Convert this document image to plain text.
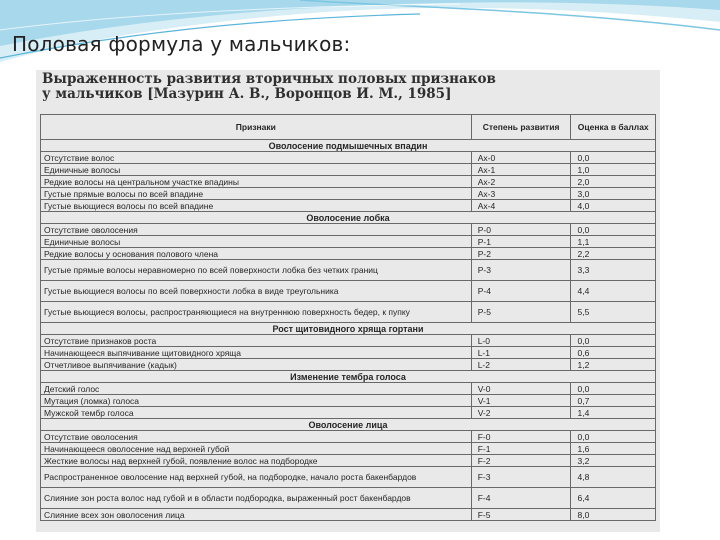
Половая формула у мальчиков:
Выраженность развития вторичных половых признаков
у мальчиков [Мазурин А. В., Воронцов И. М., 1985]
Признаки	Степень развития	Оценка в баллах
Оволосение подмышечных впадин		
Отсутствие волос	Ах-0	0,0
Единичные волосы	Ах-1	1,0
Редкие волосы на центральном участке впадины	Ах-2	2,0
Густые прямые волосы по всей впадине	Ах-3	3,0
Густые вьющиеся волосы по всей впадине	Ах-4	4,0
Оволосение лобка		
Отсутствие оволосения	Р-0	0,0
Единичные волосы	Р-1	1,1
Редкие волосы у основания полового члена	Р-2	2,2
Густые прямые волосы неравномерно по всей поверхности лобка без четких границ	Р-3	3,3
Густые вьющиеся волосы по всей поверхности лобка в виде треугольника	Р-4	4,4
Густые вьющиеся волосы, распространяющиеся на внутреннюю поверхность бедер, к пупку	Р-5	5,5
Рост щитовидного хряща гортани		
Отсутствие признаков роста	L-0	0,0
Начинающееся выпячивание щитовидного хряща	L-1	0,6
Отчетливое выпячивание (кадык)	L-2	1,2
Изменение тембра голоса		
Детский голос	V-0	0,0
Мутация (ломка) голоса	V-1	0,7
Мужской тембр голоса	V-2	1,4
Оволосение лица		
Отсутствие оволосения	F-0	0,0
Начинающееся оволосение над верхней губой	F-1	1,6
Жесткие волосы над верхней губой, появление волос на подбородке	F-2	3,2
Распространенное оволосение над верхней губой, на подбородке, начало роста бакенбардов	F-3	4,8
Слияние зон роста волос над губой и в области подбородка, выраженный рост бакенбардов	F-4	6,4
Слияние всех зон оволосения лица	F-5	8,0
